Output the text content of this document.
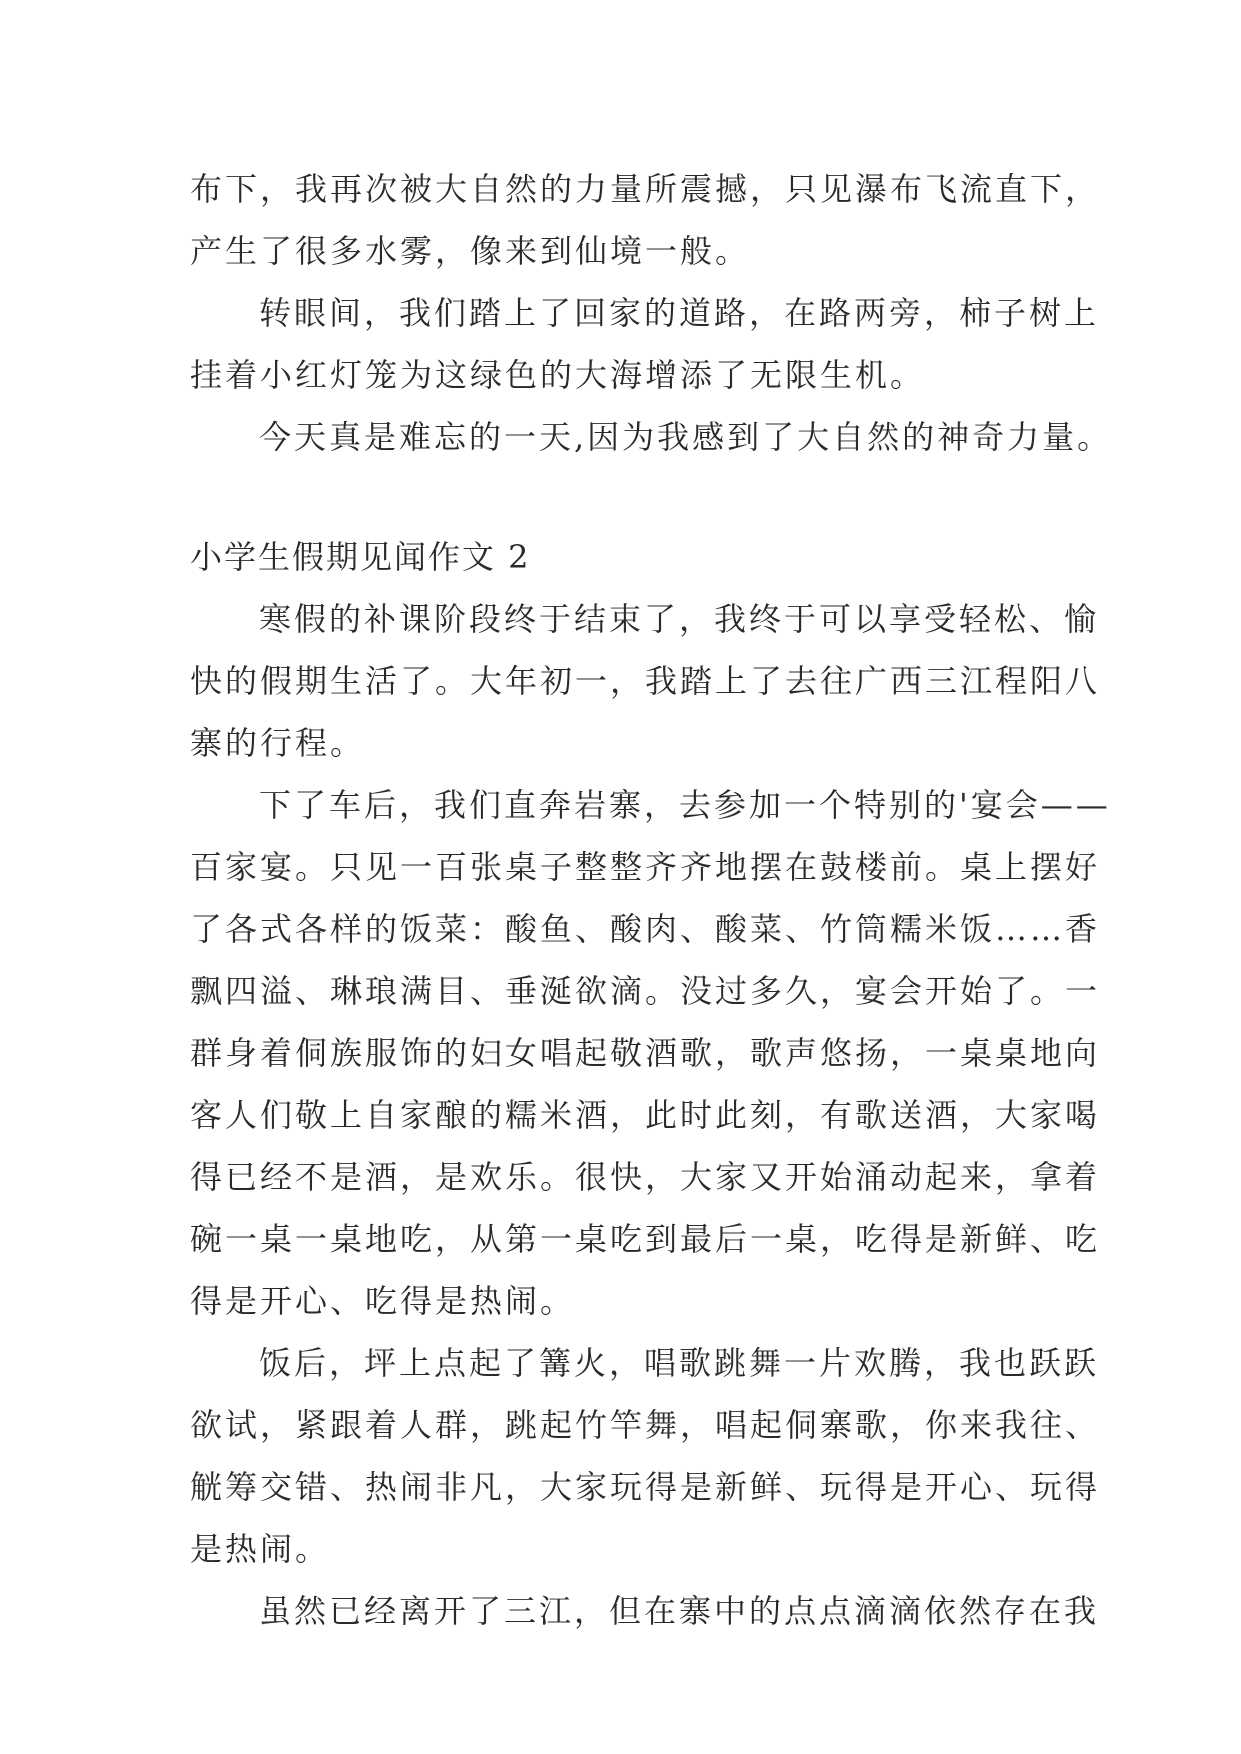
布下，我再次被大自然的力量所震撼，只见瀑布飞流直下，
产生了很多水雾，像来到仙境一般。
转眼间，我们踏上了回家的道路，在路两旁，柿子树上
挂着小红灯笼为这绿色的大海增添了无限生机。
今天真是难忘的一天,因为我感到了大自然的神奇力量。
小学生假期见闻作文 2
寒假的补课阶段终于结束了，我终于可以享受轻松、愉
快的假期生活了。大年初一，我踏上了去往广西三江程阳八
寨的行程。
下了车后，我们直奔岩寨，去参加一个特别的'宴会——
百家宴。只见一百张桌子整整齐齐地摆在鼓楼前。桌上摆好
了各式各样的饭菜：酸鱼、酸肉、酸菜、竹筒糯米饭……香
飘四溢、琳琅满目、垂涎欲滴。没过多久，宴会开始了。一
群身着侗族服饰的妇女唱起敬酒歌，歌声悠扬，一桌桌地向
客人们敬上自家酿的糯米酒，此时此刻，有歌送酒，大家喝
得已经不是酒，是欢乐。很快，大家又开始涌动起来，拿着
碗一桌一桌地吃，从第一桌吃到最后一桌，吃得是新鲜、吃
得是开心、吃得是热闹。
饭后，坪上点起了篝火，唱歌跳舞一片欢腾，我也跃跃
欲试，紧跟着人群，跳起竹竿舞，唱起侗寨歌，你来我往、
觥筹交错、热闹非凡，大家玩得是新鲜、玩得是开心、玩得
是热闹。
虽然已经离开了三江，但在寨中的点点滴滴依然存在我
